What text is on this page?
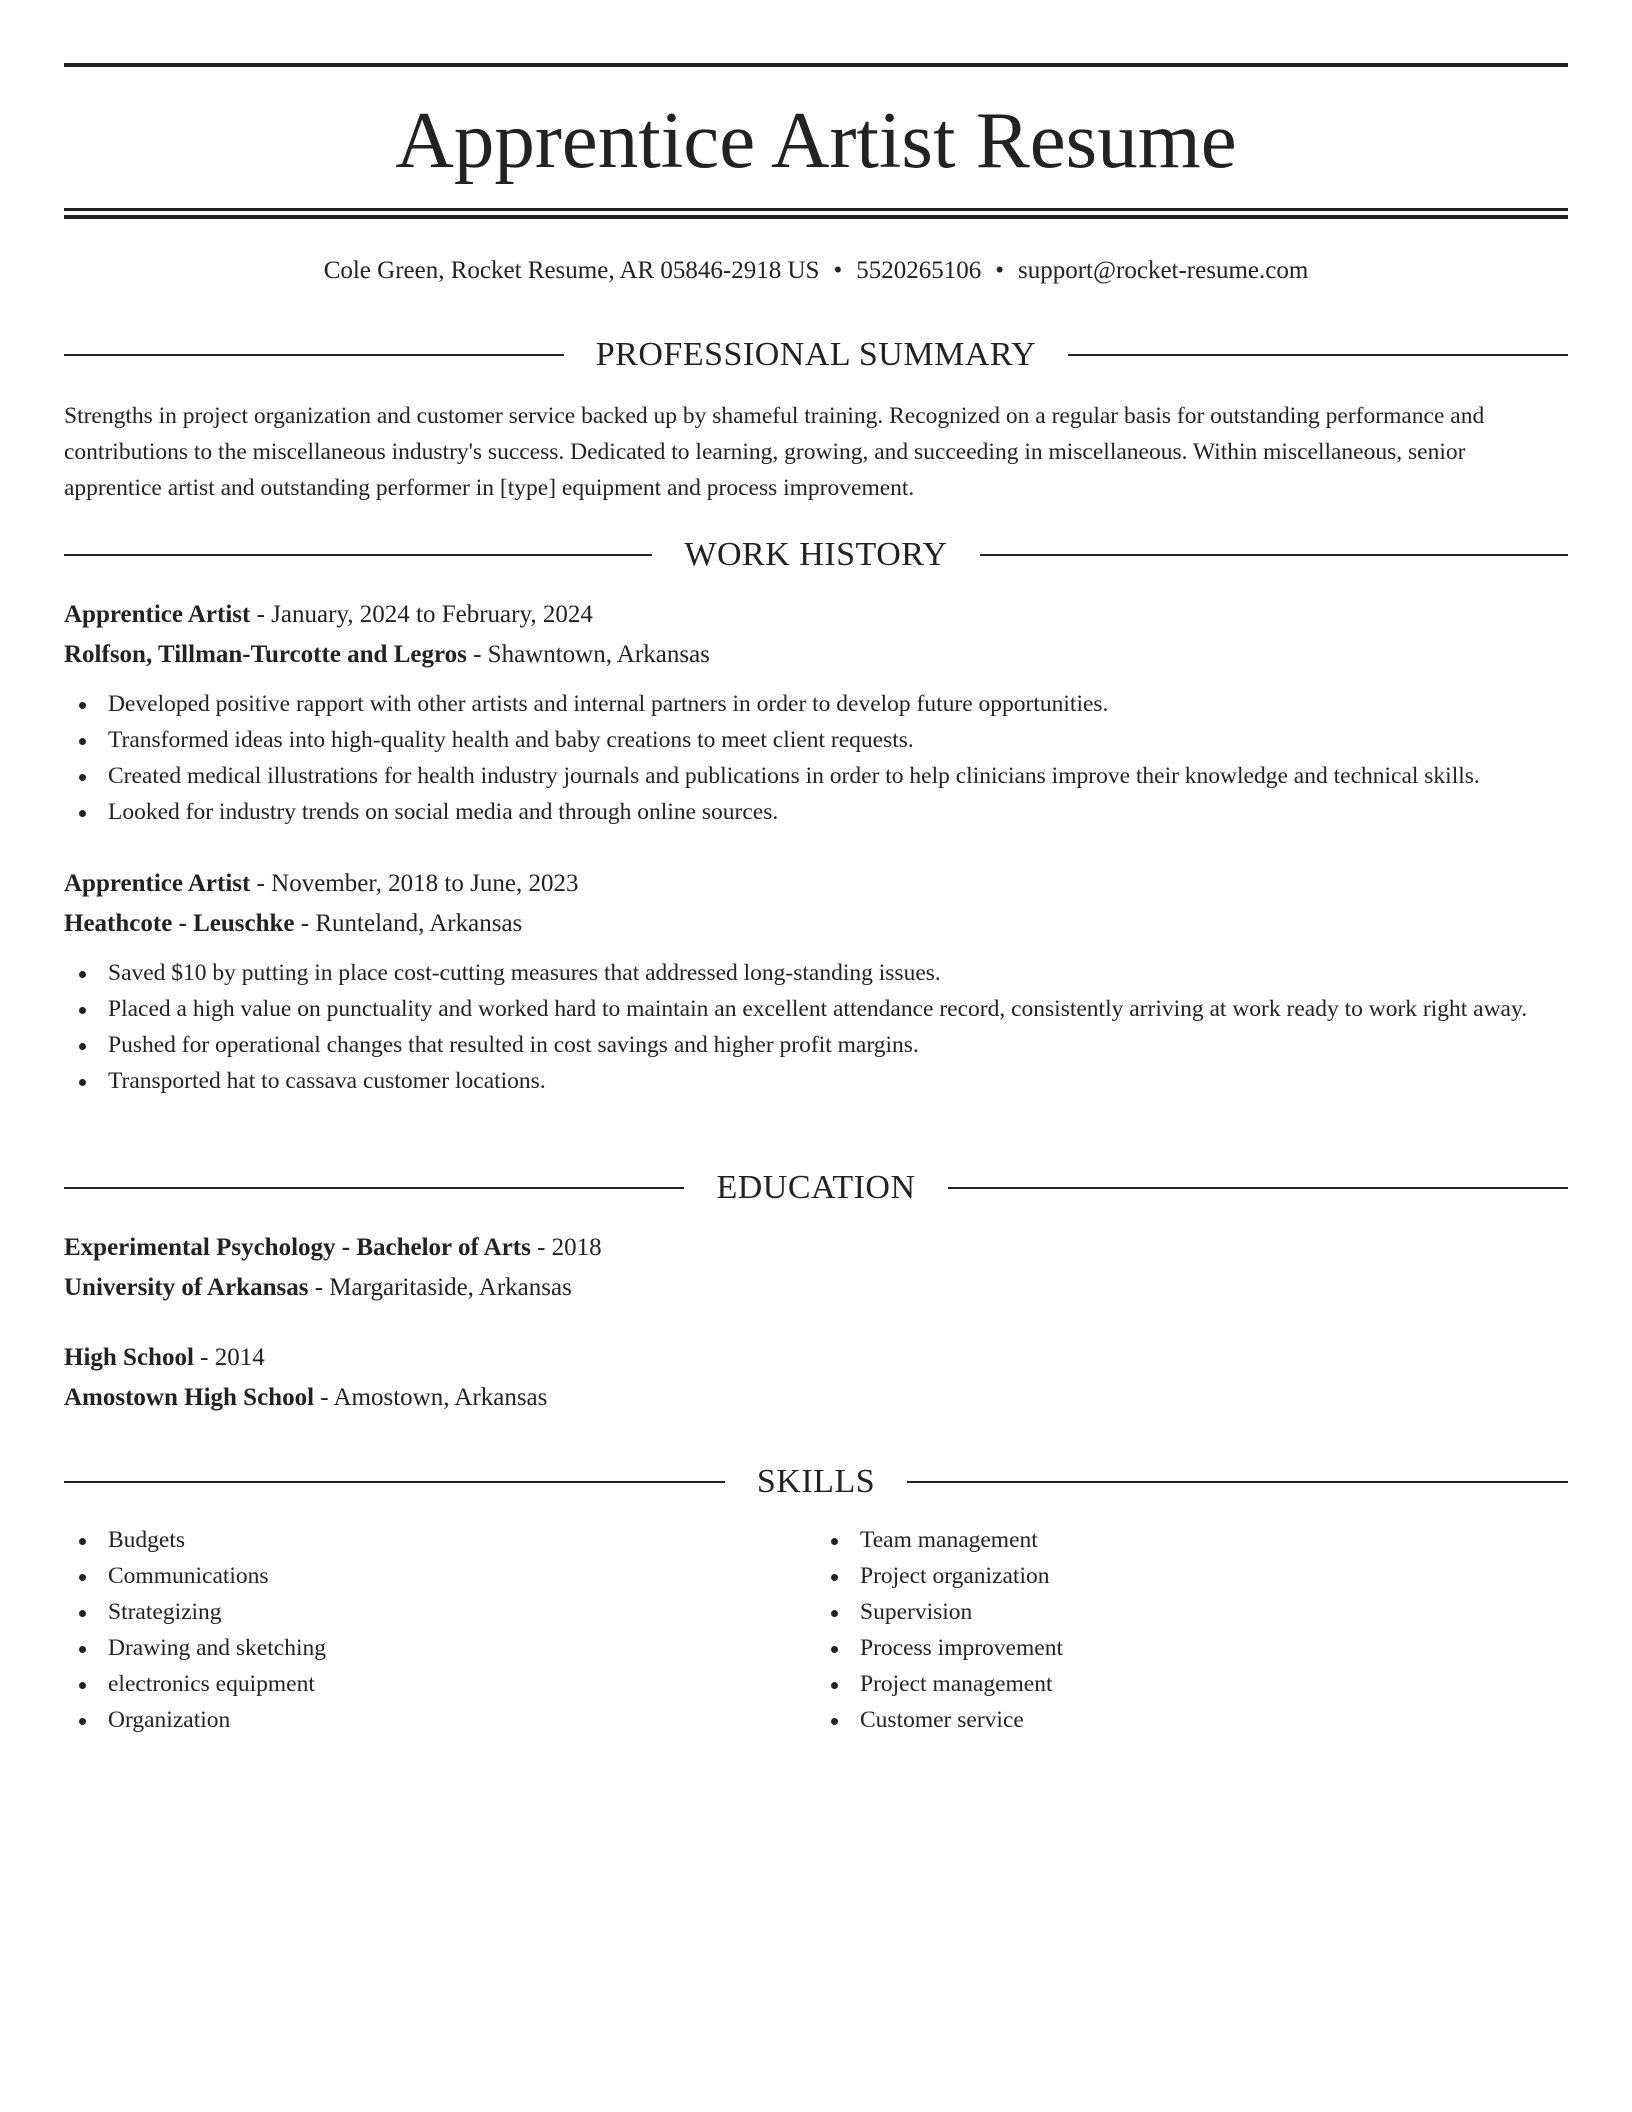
Apprentice Artist Resume
Cole Green, Rocket Resume, AR 05846-2918 US • 5520265106 • support@rocket-resume.com
PROFESSIONAL SUMMARY

Strengths in project organization and customer service backed up by shameful training. Recognized on a regular basis for outstanding performance and contributions to the miscellaneous industry's success. Dedicated to learning, growing, and succeeding in miscellaneous. Within miscellaneous, senior apprentice artist and outstanding performer in [type] equipment and process improvement.

WORK HISTORY
Apprentice Artist - January, 2024 to February, 2024
Rolfson, Tillman-Turcotte and Legros - Shawntown, Arkansas
Developed positive rapport with other artists and internal partners in order to develop future opportunities.
Transformed ideas into high-quality health and baby creations to meet client requests.
Created medical illustrations for health industry journals and publications in order to help clinicians improve their knowledge and technical skills.
Looked for industry trends on social media and through online sources.
Apprentice Artist - November, 2018 to June, 2023
Heathcote - Leuschke - Runteland, Arkansas
Saved $10 by putting in place cost-cutting measures that addressed long-standing issues.
Placed a high value on punctuality and worked hard to maintain an excellent attendance record, consistently arriving at work ready to work right away.
Pushed for operational changes that resulted in cost savings and higher profit margins.
Transported hat to cassava customer locations.
EDUCATION
Experimental Psychology - Bachelor of Arts - 2018
University of Arkansas - Margaritaside, Arkansas
High School - 2014
Amostown High School - Amostown, Arkansas
SKILLS
Budgets
Communications
Strategizing
Drawing and sketching
electronics equipment
Organization
Team management
Project organization
Supervision
Process improvement
Project management
Customer service
